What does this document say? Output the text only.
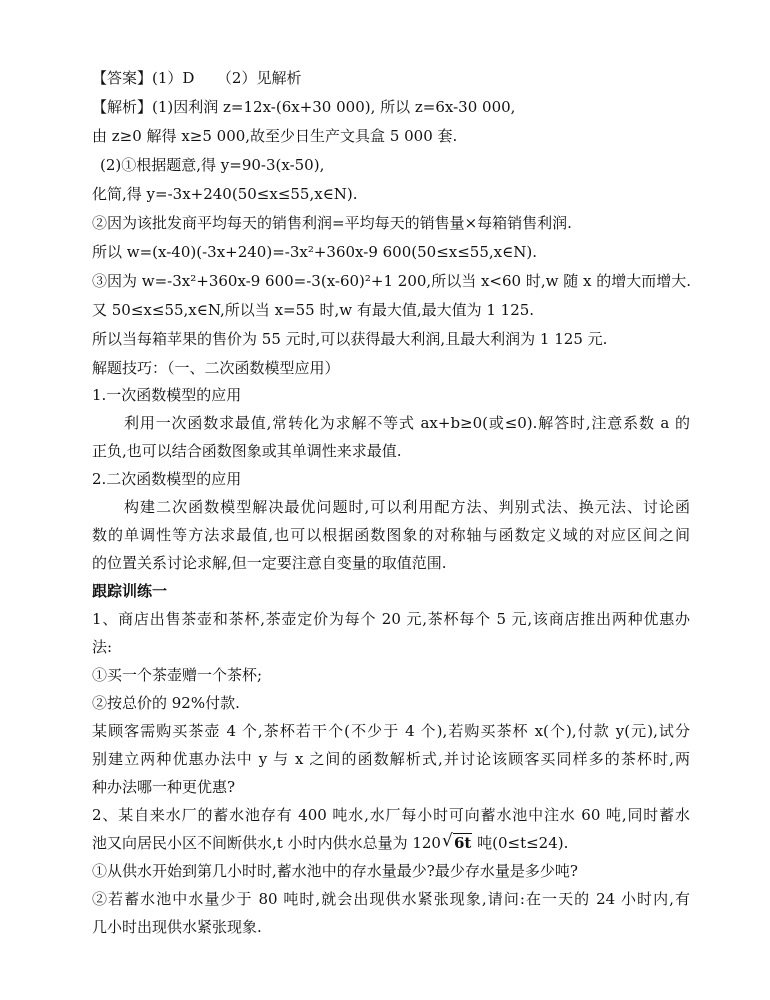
【答案】(1）D　　（2）见解析
【解析】(1)因利润 z=12x-(6x+30 000), 所以 z=6x-30 000,
由 z≥0 解得 x≥5 000,故至少日生产文具盒 5 000 套.
(2)①根据题意,得 y=90-3(x-50),
化简,得 y=-3x+240(50≤x≤55,x∈N).
②因为该批发商平均每天的销售利润=平均每天的销售量×每箱销售利润.
所以 w=(x-40)(-3x+240)=-3x²+360x-9 600(50≤x≤55,x∈N).
③因为 w=-3x²+360x-9 600=-3(x-60)²+1 200,所以当 x<60 时,w 随 x 的增大而增大.
又 50≤x≤55,x∈N,所以当 x=55 时,w 有最大值,最大值为 1 125.
所以当每箱苹果的售价为 55 元时,可以获得最大利润,且最大利润为 1 125 元.
解题技巧：（一、二次函数模型应用）
1.一次函数模型的应用
利用一次函数求最值,常转化为求解不等式 ax+b≥0(或≤0).解答时,注意系数 a 的
正负,也可以结合函数图象或其单调性来求最值.
2.二次函数模型的应用
构建二次函数模型解决最优问题时,可以利用配方法、判别式法、换元法、讨论函
数的单调性等方法求最值,也可以根据函数图象的对称轴与函数定义域的对应区间之间
的位置关系讨论求解,但一定要注意自变量的取值范围.
跟踪训练一
1、商店出售茶壶和茶杯,茶壶定价为每个 20 元,茶杯每个 5 元,该商店推出两种优惠办
法:
①买一个茶壶赠一个茶杯;
②按总价的 92%付款.
某顾客需购买茶壶 4 个,茶杯若干个(不少于 4 个),若购买茶杯 x(个),付款 y(元),试分
别建立两种优惠办法中 y 与 x 之间的函数解析式,并讨论该顾客买同样多的茶杯时,两
种办法哪一种更优惠?
2、某自来水厂的蓄水池存有 400 吨水,水厂每小时可向蓄水池中注水 60 吨,同时蓄水
池又向居民小区不间断供水,t 小时内供水总量为 120√ 6t 吨(0≤t≤24).
①从供水开始到第几小时时,蓄水池中的存水量最少?最少存水量是多少吨?
②若蓄水池中水量少于 80 吨时,就会出现供水紧张现象,请问:在一天的 24 小时内,有
几小时出现供水紧张现象.
